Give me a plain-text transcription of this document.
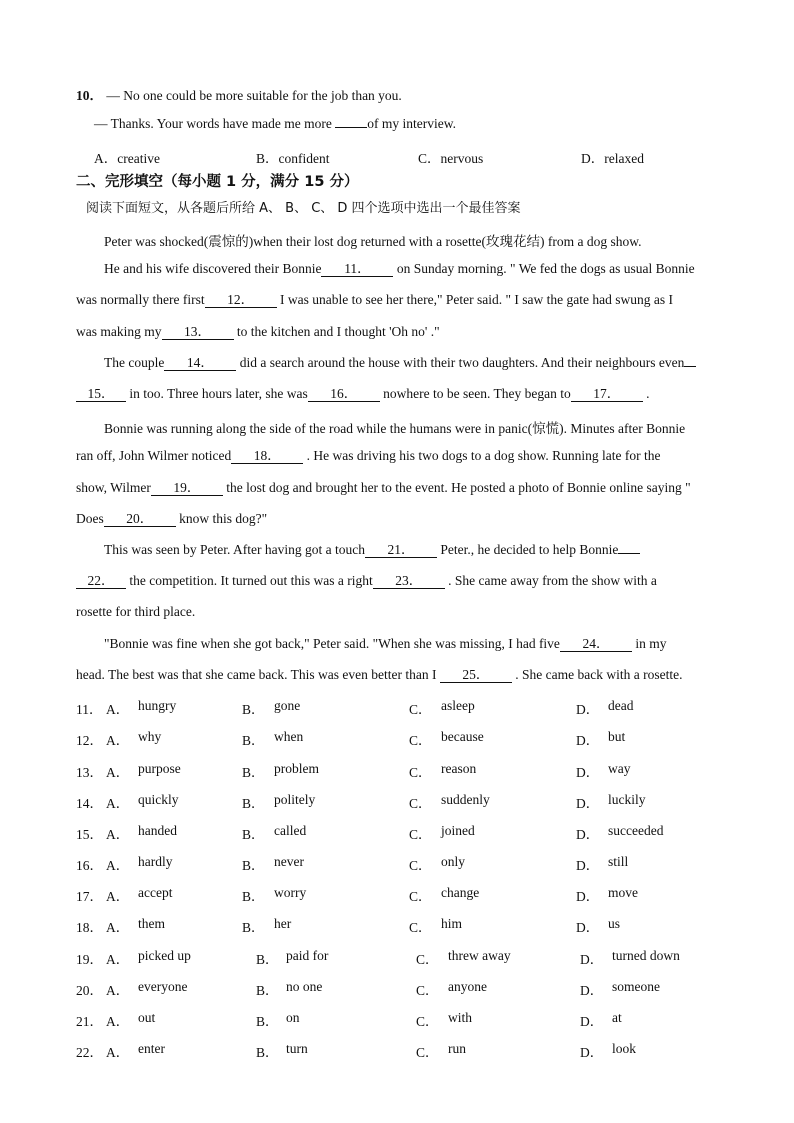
10． — No one could be more suitable for the job than you.
— Thanks. Your words have made me more of my interview.
A．creative	B．confident	C．nervous	D．relaxed
二、完形填空（每小题 1 分，满分 15 分）
阅读下面短文，从各题后所给 A、 B、 C、 D 四个选项中选出一个最佳答案
Peter was shocked(震惊的)when their lost dog returned with a rosette(玫瑰花结) from a dog show.
He and his wife discovered their Bonnie 11． on Sunday morning. " We fed the dogs as usual Bonnie
was normally there first 12． I was unable to see her there," Peter said. " I saw the gate had swung as I
was making my 13． to the kitchen and I thought 'Oh no' ."
The couple 14． did a search around the house with their two daughters. And their neighbours even
15． in too. Three hours later, she was 16． nowhere to be seen. They began to 17． .
Bonnie was running along the side of the road while the humans were in panic(惊慌). Minutes after Bonnie
ran off, John Wilmer noticed 18． . He was driving his two dogs to a dog show. Running late for the
show, Wilmer 19． the lost dog and brought her to the event. He posted a photo of Bonnie online saying "
Does 20． know this dog?"
This was seen by Peter. After having got a touch 21． Peter., he decided to help Bonnie
22． the competition. It turned out this was a right 23． . She came away from the show with a
rosette for third place.
"Bonnie was fine when she got back," Peter said. "When she was missing, I had five 24． in my
head. The best was that she came back. This was even better than I 25． . She came back with a rosette.
11． A． hungry	B． gone	C． asleep	D． dead
12． A． why	B． when	C． because	D． but
13． A． purpose	B． problem	C． reason	D． way
14． A． quickly	B． politely	C． suddenly	D． luckily
15． A． handed	B． called	C． joined	D． succeeded
16． A． hardly	B． never	C． only	D． still
17． A． accept	B． worry	C． change	D． move
18． A． them	B． her	C． him	D． us
19． A． picked up	B． paid for	C． threw away	D． turned down
20． A． everyone	B． no one	C． anyone	D． someone
21． A． out	B． on	C． with	D． at
22． A． enter	B． turn	C． run	D． look
